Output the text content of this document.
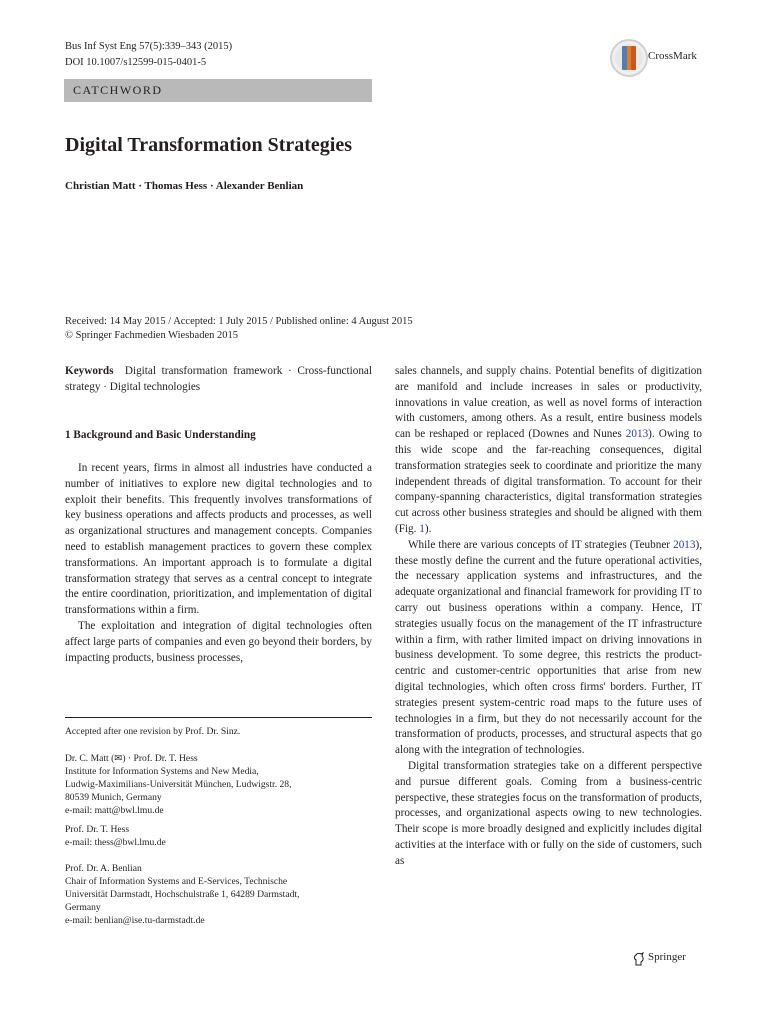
Bus Inf Syst Eng 57(5):339–343 (2015)
DOI 10.1007/s12599-015-0401-5
CATCHWORD
CrossMark
Digital Transformation Strategies
Christian Matt · Thomas Hess · Alexander Benlian
Received: 14 May 2015 / Accepted: 1 July 2015 / Published online: 4 August 2015
© Springer Fachmedien Wiesbaden 2015
Keywords Digital transformation framework · Cross-functional strategy · Digital technologies
1 Background and Basic Understanding

In recent years, firms in almost all industries have conducted a number of initiatives to explore new digital technologies and to exploit their benefits. This frequently involves transformations of key business operations and affects products and processes, as well as organizational structures and management concepts. Companies need to establish management practices to govern these complex transformations. An important approach is to formulate a digital transformation strategy that serves as a central concept to integrate the entire coordination, prioritization, and implementation of digital transformations within a firm.

The exploitation and integration of digital technologies often affect large parts of companies and even go beyond their borders, by impacting products, business processes,

Accepted after one revision by Prof. Dr. Sinz.
Dr. C. Matt (✉) · Prof. Dr. T. Hess
Institute for Information Systems and New Media,
Ludwig-Maximilians-Universität München, Ludwigstr. 28,
80539 Munich, Germany
e-mail: matt@bwl.lmu.de
Prof. Dr. T. Hess
e-mail: thess@bwl.lmu.de
Prof. Dr. A. Benlian
Chair of Information Systems and E-Services, Technische
Universität Darmstadt, Hochschulstraße 1, 64289 Darmstadt,
Germany
e-mail: benlian@ise.tu-darmstadt.de

sales channels, and supply chains. Potential benefits of digitization are manifold and include increases in sales or productivity, innovations in value creation, as well as novel forms of interaction with customers, among others. As a result, entire business models can be reshaped or replaced (Downes and Nunes 2013). Owing to this wide scope and the far-reaching consequences, digital transformation strategies seek to coordinate and prioritize the many independent threads of digital transformation. To account for their company-spanning characteristics, digital transformation strategies cut across other business strategies and should be aligned with them (Fig. 1).

While there are various concepts of IT strategies (Teubner 2013), these mostly define the current and the future operational activities, the necessary application systems and infrastructures, and the adequate organizational and financial framework for providing IT to carry out business operations within a company. Hence, IT strategies usually focus on the management of the IT infrastructure within a firm, with rather limited impact on driving innovations in business development. To some degree, this restricts the product-centric and customer-centric opportunities that arise from new digital technologies, which often cross firms' borders. Further, IT strategies present system-centric road maps to the future uses of technologies in a firm, but they do not necessarily account for the transformation of products, processes, and structural aspects that go along with the integration of technologies.

Digital transformation strategies take on a different perspective and pursue different goals. Coming from a business-centric perspective, these strategies focus on the transformation of products, processes, and organizational aspects owing to new technologies. Their scope is more broadly designed and explicitly includes digital activities at the interface with or fully on the side of customers, such as

Springer
